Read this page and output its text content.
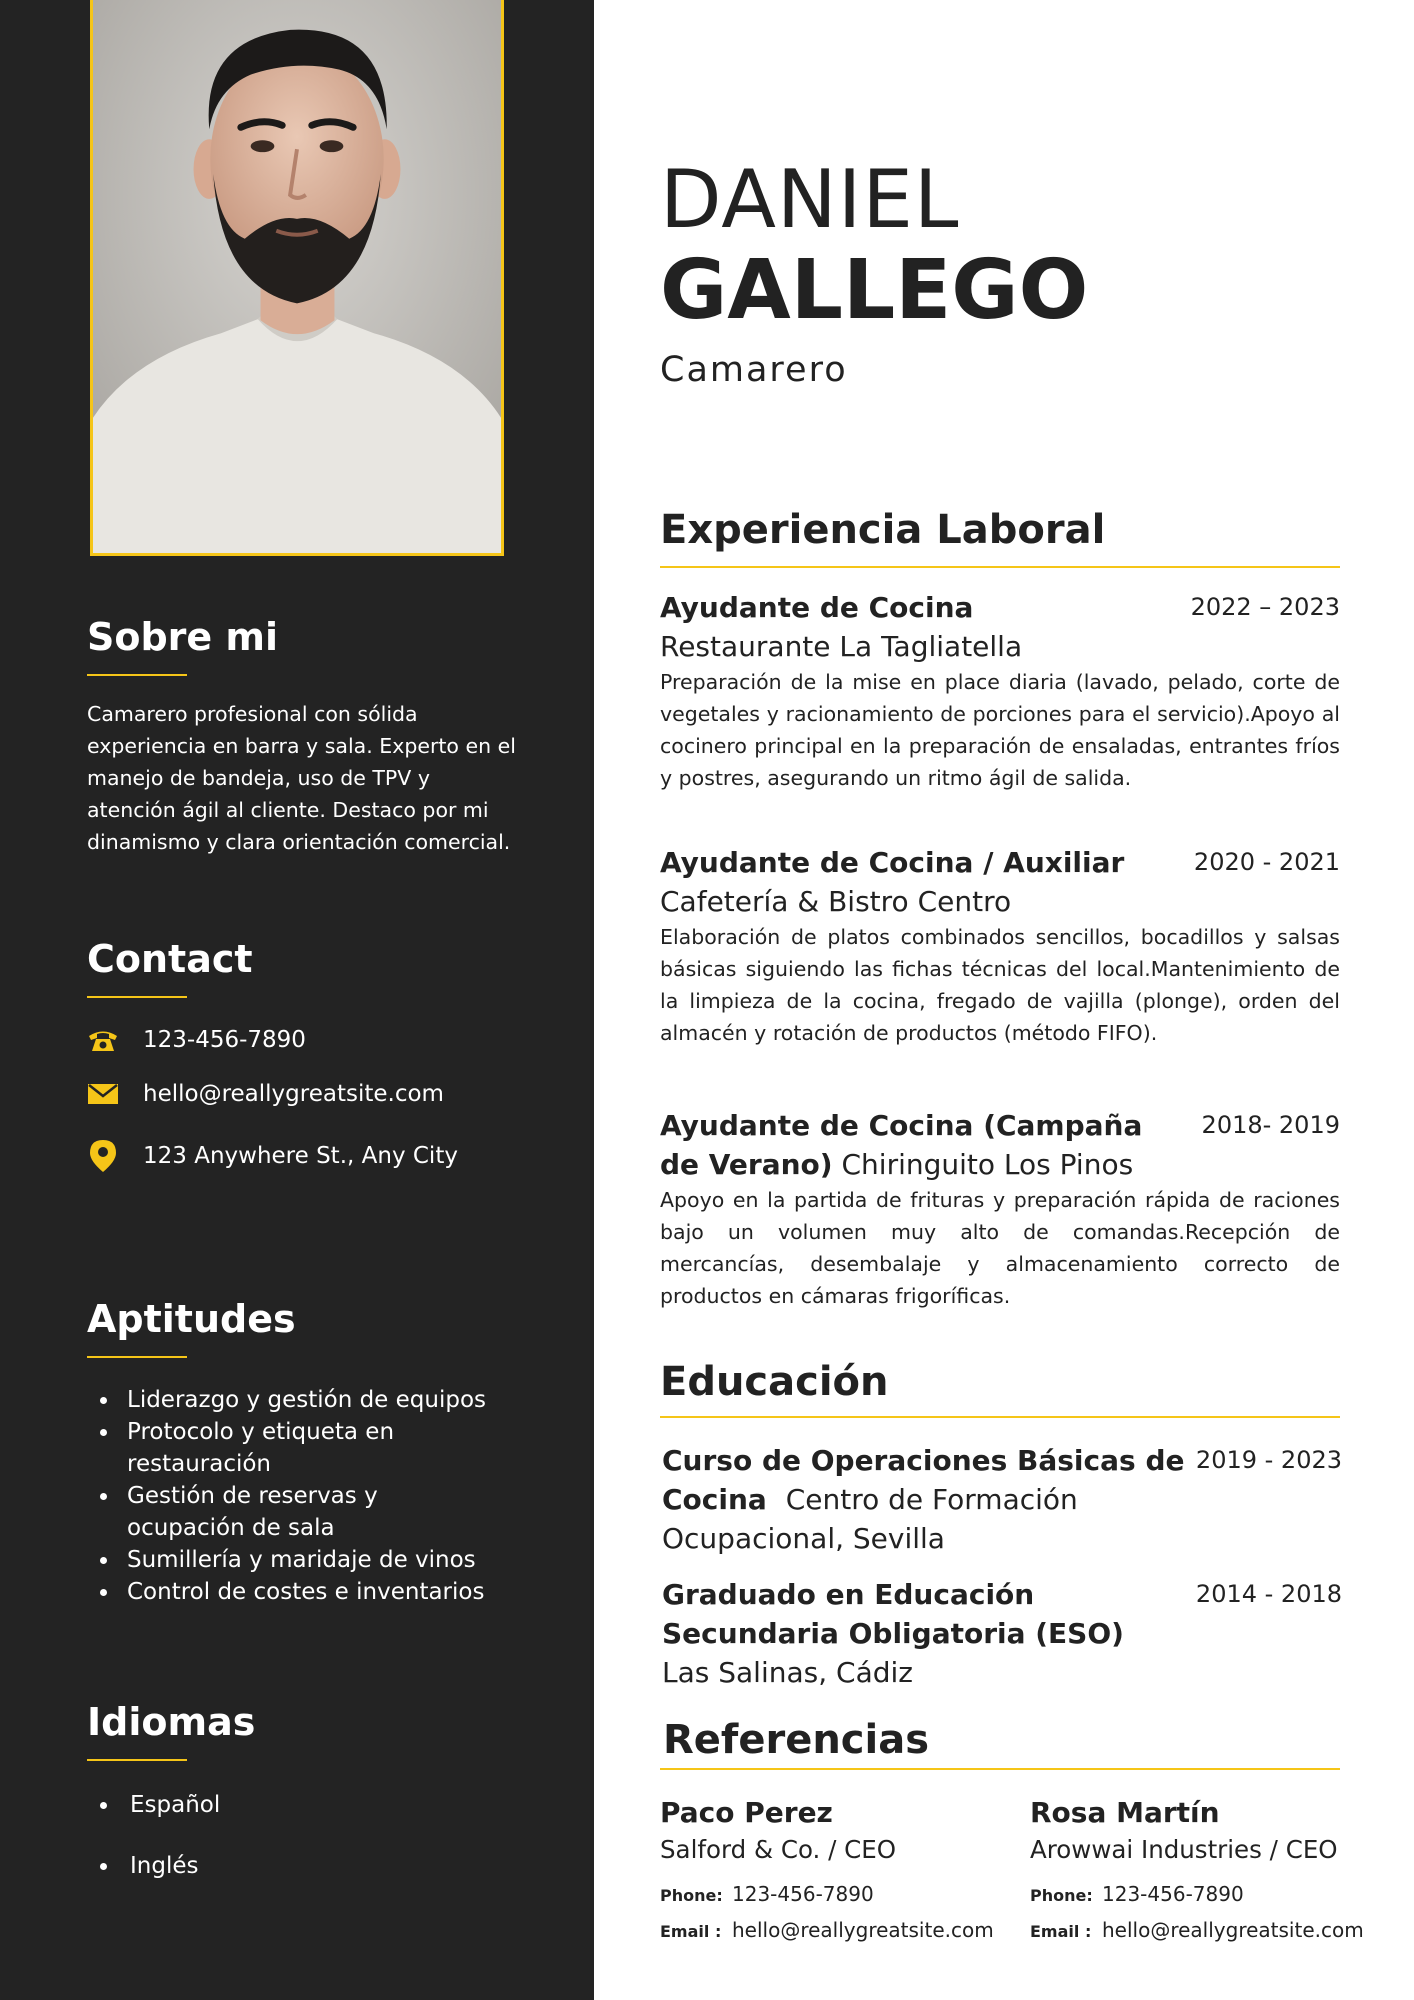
Sobre mi

Camarero profesional con sólida experiencia en barra y sala. Experto en el manejo de bandeja, uso de TPV y atención ágil al cliente. Destaco por mi dinamismo y clara orientación comercial.

Contact
123-456-7890
hello@reallygreatsite.com
123 Anywhere St., Any City
Aptitudes
Liderazgo y gestión de equipos
Protocolo y etiqueta en restauración
Gestión de reservas y ocupación de sala
Sumillería y maridaje de vinos
Control de costes e inventarios
Idiomas
Español
Inglés
DANIEL
GALLEGO
Camarero
Experiencia Laboral
Ayudante de Cocina	2022 – 2023
Restaurante La Tagliatella

Preparación de la mise en place diaria (lavado, pelado, corte de vegetales y racionamiento de porciones para el servicio).Apoyo al cocinero principal en la preparación de ensaladas, entrantes fríos y postres, asegurando un ritmo ágil de salida.

Ayudante de Cocina / Auxiliar	2020 - 2021
Cafetería & Bistro Centro

Elaboración de platos combinados sencillos, bocadillos y salsas básicas siguiendo las fichas técnicas del local.Mantenimiento de la limpieza de la cocina, fregado de vajilla (plonge), orden del almacén y rotación de productos (método FIFO).

Ayudante de Cocina (Campaña 2018- 2019
de Verano) Chiringuito Los Pinos

Apoyo en la partida de frituras y preparación rápida de raciones bajo un volumen muy alto de comandas.Recepción de mercancías, desembalaje y almacenamiento correcto de productos en cámaras frigoríficas.

Educación
Curso de Operaciones Básicas de 2019 - 2023
Cocina Centro de Formación
Ocupacional, Sevilla
Graduado en Educación	2014 - 2018
Secundaria Obligatoria (ESO)
Las Salinas, Cádiz
Referencias
Paco Perez
Salford & Co. / CEO
Phone: 123-456-7890
Email : hello@reallygreatsite.com
Rosa Martín
Arowwai Industries / CEO
Phone: 123-456-7890
Email : hello@reallygreatsite.com
